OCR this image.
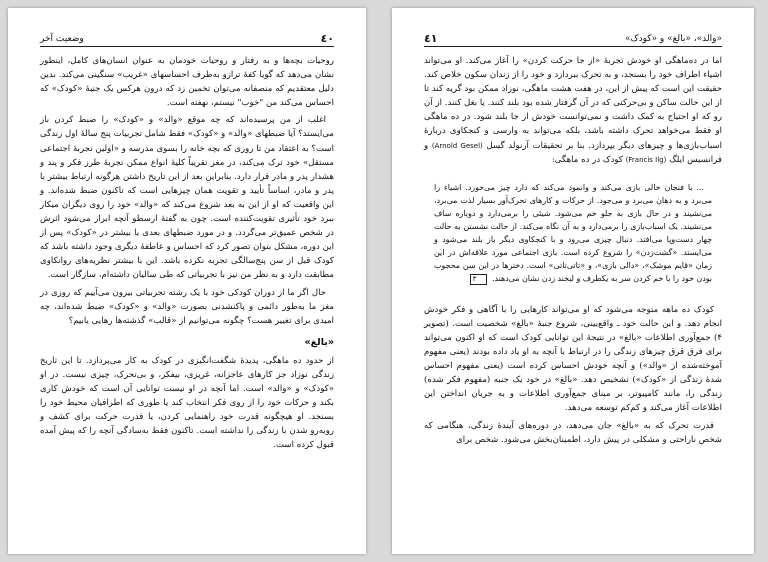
٤٠
وضعیت آخر

روحیات بچه‌ها و به رفتار و روحیات خودمان به عنوان انسان‌های کامل، اینطور نشان می‌دهد که گویا کفهٔ ترازو به‌طرف احساسهای «غریب» سنگینی می‌کند. بدین دلیل معتقدیم که منصفانه می‌توان تخمین زد که درون هرکس یک جنبهٔ «کودک» که احساس می‌کند من "خوب" نیستم، نهفته است.

اغلب از من پرسیده‌اند که چه موقع «والد» و «کودک» را ضبط کردن باز می‌ایستد؟ آیا ضبطهای «والد» و «کودک» فقط شامل تجربیات پنج سالهٔ اول زندگی است؟ به اعتقاد من تا روزی که بچه خانه را بسوی مدرسه و «اولین تجربهٔ اجتماعی مستقل» خود ترک می‌کند، در مغز تقریباً کلیهٔ انواع ممکن تجربهٔ طرز فکر و پند و هشدار پدر و مادر قرار دارد. بنابراین بعد از این تاریخ داشتن هرگونه ارتباط بیشتر با پدر و مادر، اساساً تأیید و تقویت همان چیزهایی است که تاکنون ضبط شده‌اند. و این واقعیت که او از این به بعد شروع می‌کند که «والد» خود را روی دیگران میکار ببرد خود تأثیری تقویت‌کننده است. چون به گفتهٔ ارسطو آنچه ابراز می‌شود اثرش در شخص عمیق‌تر می‌گردد. و در مورد ضبطهای بعدی یا بیشتر در «کودک» پس از این دوره، مشکل بتوان تصور کرد که احساس و عاطفهٔ دیگری وجود داشته باشد که کودک قبل از سن پنج‌سالگی تجربه نکرده باشد. این با بیشتر نظریه‌های روانکاوی مطابقت دارد و به نظر من نیز با تجربیاتی که طی سالیان داشته‌ام، سازگار است.

حال اگر ما از دوران کودکی خود با یک رشته تجربیاتی بیرون می‌آییم که روزی در مغز ما به‌طور دائمی و پاکنشدنی بصورت «والد» و «کودک» ضبط شده‌اند، چه امیدی برای تغییر هست؟ چگونه می‌توانیم از «قالب» گذشته‌ها رهایی یابیم؟

«بالغ»

از حدود ده ماهگی، پدیدهٔ شگفت‌انگیزی در کودک به کار می‌پردازد. تا این تاریخ زندگی نوزاد جز کارهای عاجزانه، غریزی، بیفکر، و بی‌تحرک، چیزی نیست. در او «کودک» و «والد» است. اما آنچه در او نیست توانایی آن است که خودش کاری بکند و حرکات خود را از روی فکر انتخاب کند یا طوری که اطرافیان محیط خود را بسنجد. او هیچگونه قدرت خود راهنمایی کردن، یا قدرت حرکت برای کشف و روبه‌رو شدن با زندگی را نداشته است. تاکنون فقط به‌سادگی آنچه را که پیش آمده قبول کرده است.

«والد»، «بالغ» و «کودک»
٤١

اما در ده‌ماهگی او خودش تجربهٔ «از جا حرکت کردن» را آغاز می‌کند. او می‌تواند اشیاء اطراف خود را بسنجد، و به تحرک ببردازد و خود را از زندان سکون خلاص کند. حقیقت این است که پیش از این، در هفت هشت ماهگی، نوزاد ممکن بود گریه کند تا از این حالت ساکن و بی‌حرکتی که در آن گرفتار شده بود بلند کنند. یا بغل کنند. از آن رو که او احتیاج به کمک داشت و نمی‌توانست خودش از جا بلند شود. در ده ماهگی او فقط می‌خواهد تحرک داشته باشد، بلکه می‌تواند به وارسی و کنجکاوی دربارهٔ اسباب‌بازی‌ها و چیزهای دیگر بپردازد. بنا بر تحقیقات آرنولد گسل (Arnold Gesel) و فرانسیس ایلگ (Francis Ilg) کودک در ده ماهگی:

... با فنجان خالی بازی می‌کند و وانمود می‌کند که دارد چیز می‌خورد. اشیاء را می‌برد و به دهان می‌برد و می‌جود. از حرکات و کارهای تحرک‌آور بسیار لذت می‌برد، می‌نشیند و در حال بازی به جلو خم می‌شود. شیئی را برمی‌دارد و دوباره ساف می‌نشیند. یک اسباب‌بازی را برمی‌دارد و به آن نگاه می‌کند. از حالت نشستن به حالت چهار دست‌وپا می‌افتد. دنبال چیزی می‌رود و با کنجکاوی دیگر باز بلند می‌شود و می‌ایستد. «گشت‌زدن» را شروع کرده است. بازی اجتماعی مورد علاقه‌اش در این زمان «قایم موشک»، «دالی بازی»، و «تاتی‌تاتی» است. دخترها در این سن محجوب بودن خود را با خم کردن سر به یکطرف و لبخند زدن نشان می‌دهند. ۳

کودک ده ماهه متوجه می‌شود که او می‌تواند کارهایی را با آگاهی و فکر خودش انجام دهد. و این حالت خود ـ واقع‌بینی، شروع جنبهٔ «بالغ» شخصیت است. (تصویر ۴) جمع‌آوری اطلاعات «بالغ» در نتیجهٔ این توانایی کودک است که او اکنون می‌تواند برای فرق قرق چیزهای زندگی را در ارتباط با آنچه به او یاد داده بودند (یعنی مفهوم آموخته‌شده از «والد») و آنچه خودش احساس کرده است (یعنی مفهوم احساس شدهٔ زندگی از «کودک») تشخیص دهد. «بالغ» در خود یک جنبه (مفهوم فکر شده) زندگی را، مانند کامپیوتر، بر مبنای جمع‌آوری اطلاعات و به جریان انداختن این اطلاعات آغاز می‌کند و کم‌کم توسعه می‌دهد.

قدرت تحرک که به «بالغ» جان می‌دهد، در دوره‌های آیندهٔ زندگی، هنگامی که شخص ناراحتی و مشکلی در پیش دارد، اطمینان‌بخش می‌شود. شخص برای
